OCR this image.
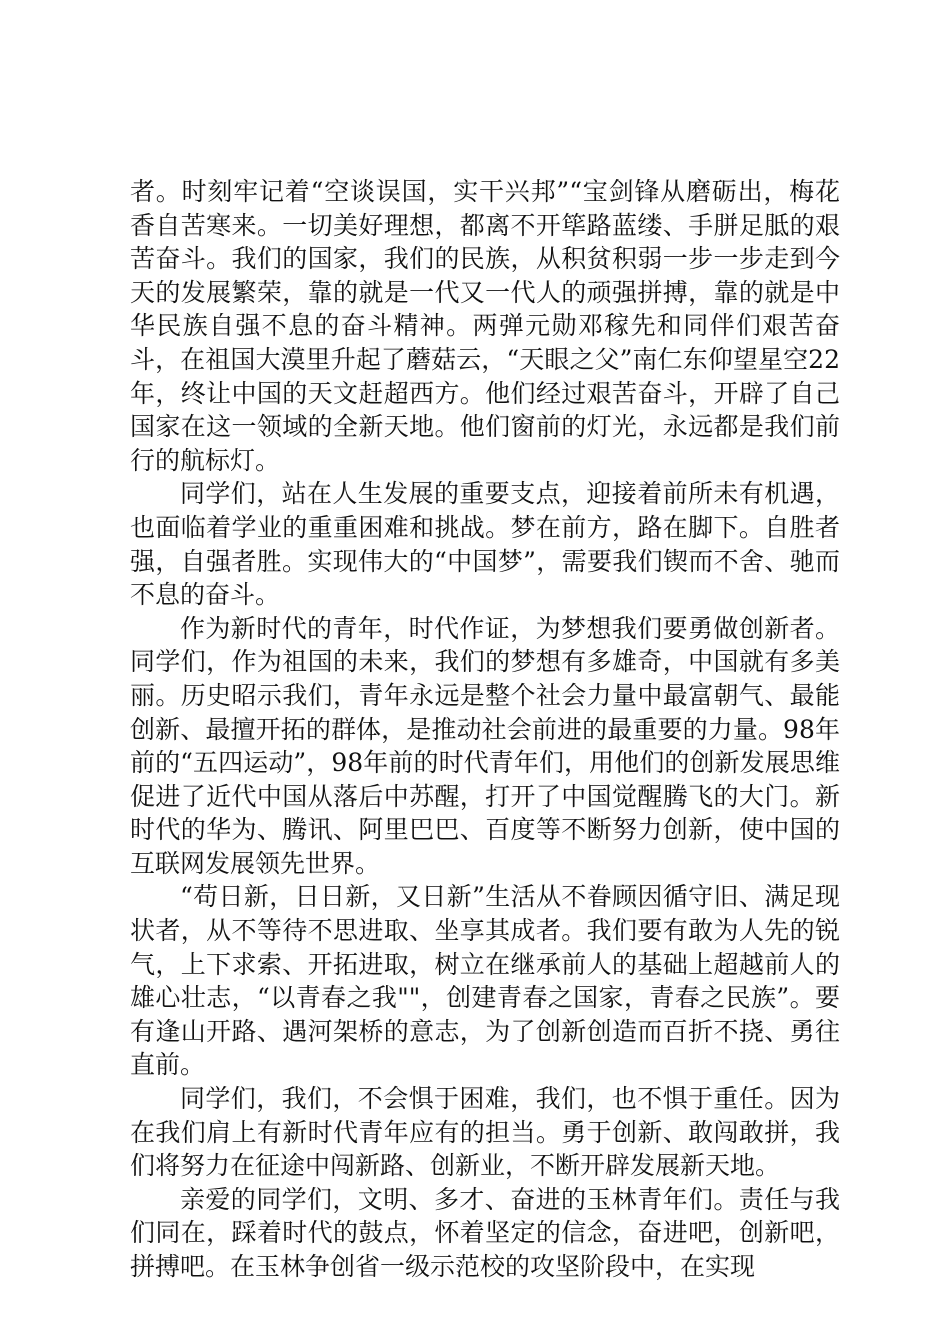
者。时刻牢记着“空谈误国，实干兴邦”“宝剑锋从磨砺出，梅花香自苦寒来。一切美好理想，都离不开筚路蓝缕、手胼足胝的艰苦奋斗。我们的国家，我们的民族，从积贫积弱一步一步走到今天的发展繁荣，靠的就是一代又一代人的顽强拼搏，靠的就是中华民族自强不息的奋斗精神。两弹元勋邓稼先和同伴们艰苦奋斗，在祖国大漠里升起了蘑菇云，“天眼之父”南仁东仰望星空22年，终让中国的天文赶超西方。他们经过艰苦奋斗，开辟了自己国家在这一领域的全新天地。他们窗前的灯光，永远都是我们前行的航标灯。

同学们，站在人生发展的重要支点，迎接着前所未有机遇，也面临着学业的重重困难和挑战。梦在前方，路在脚下。自胜者强，自强者胜。实现伟大的“中国梦”，需要我们锲而不舍、驰而不息的奋斗。

作为新时代的青年，时代作证，为梦想我们要勇做创新者。同学们，作为祖国的未来，我们的梦想有多雄奇，中国就有多美丽。历史昭示我们，青年永远是整个社会力量中最富朝气、最能创新、最擅开拓的群体，是推动社会前进的最重要的力量。98年前的“五四运动”，98年前的时代青年们，用他们的创新发展思维促进了近代中国从落后中苏醒，打开了中国觉醒腾飞的大门。新时代的华为、腾讯、阿里巴巴、百度等不断努力创新，使中国的互联网发展领先世界。

“苟日新，日日新，又日新”生活从不眷顾因循守旧、满足现状者，从不等待不思进取、坐享其成者。我们要有敢为人先的锐气，上下求索、开拓进取，树立在继承前人的基础上超越前人的雄心壮志，“以青春之我""，创建青春之国家，青春之民族”。要有逢山开路、遇河架桥的意志，为了创新创造而百折不挠、勇往直前。

同学们，我们，不会惧于困难，我们，也不惧于重任。因为在我们肩上有新时代青年应有的担当。勇于创新、敢闯敢拼，我们将努力在征途中闯新路、创新业，不断开辟发展新天地。

亲爱的同学们，文明、多才、奋进的玉林青年们。责任与我们同在，踩着时代的鼓点，怀着坚定的信念，奋进吧，创新吧，拼搏吧。在玉林争创省一级示范校的攻坚阶段中，在实现
